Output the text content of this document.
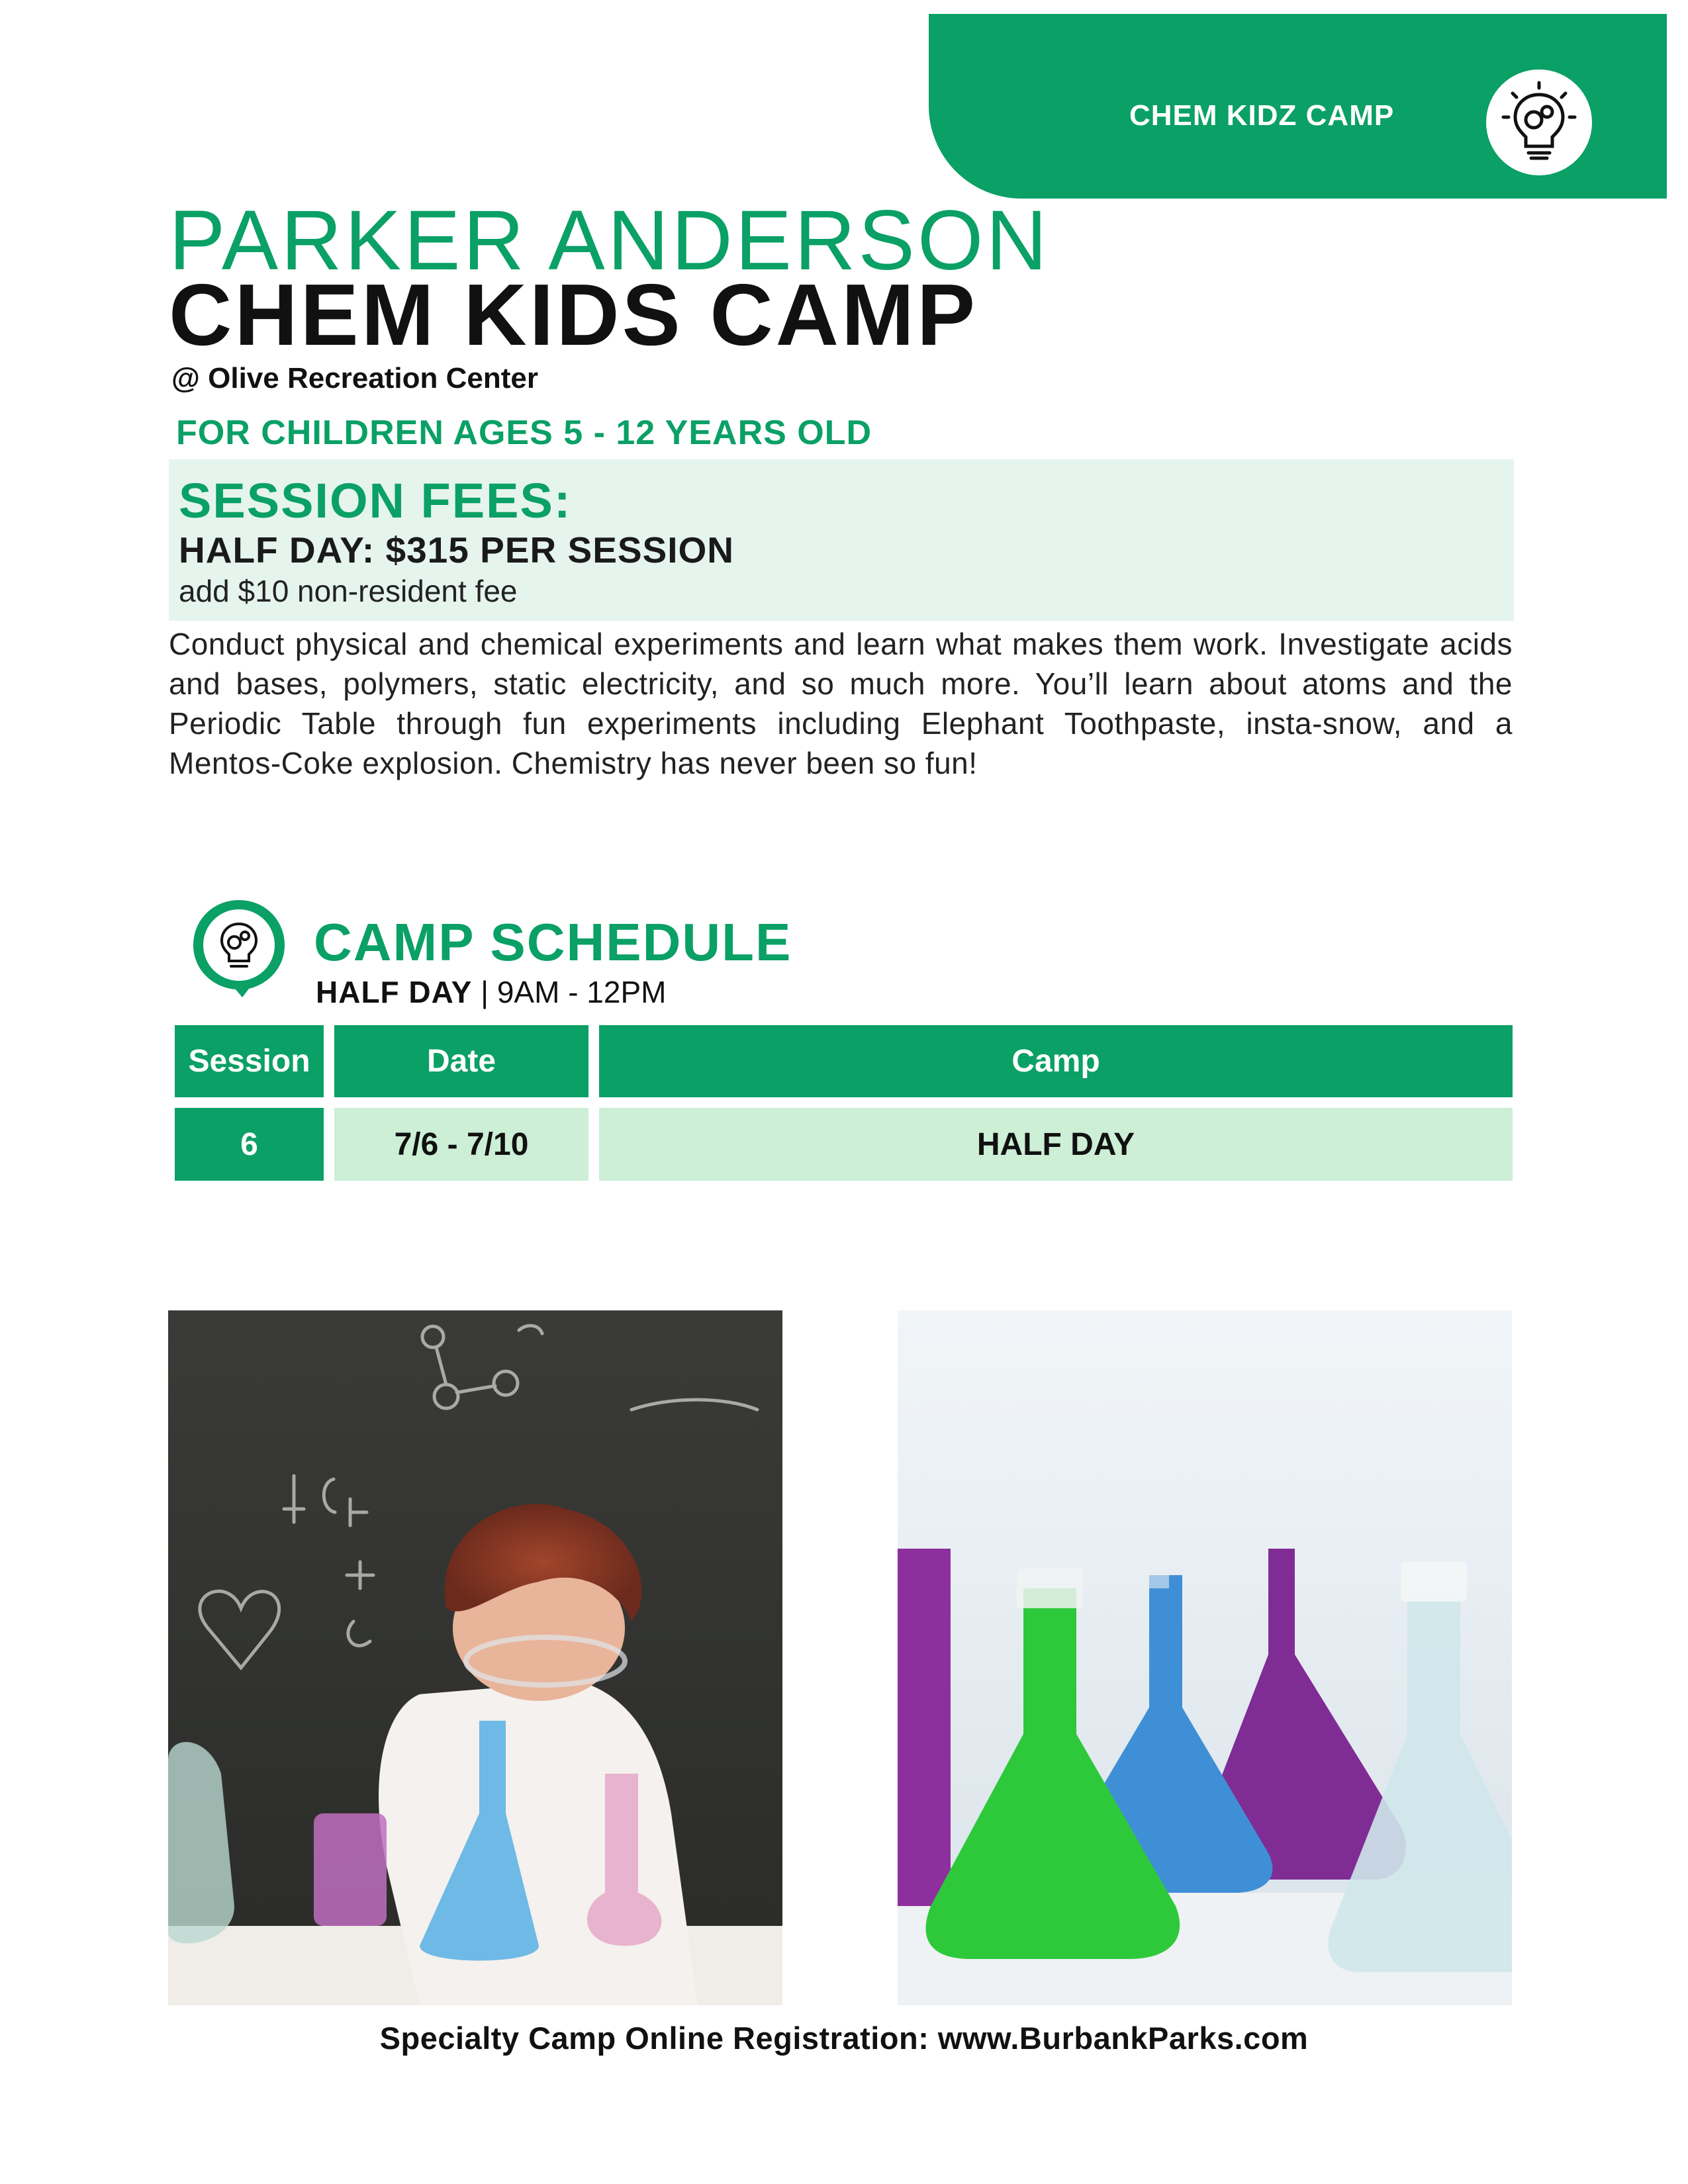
CHEM KIDZ CAMP
PARKER ANDERSON
CHEM KIDS CAMP
@ Olive Recreation Center
FOR CHILDREN AGES 5 - 12 YEARS OLD
SESSION FEES:
HALF DAY: $315 PER SESSION
add $10 non-resident fee
Conduct physical and chemical experiments and learn what makes them work. Investigate acids and bases, polymers, static electricity, and so much more. You’ll learn about atoms and the Periodic Table through fun experiments including Elephant Toothpaste, insta-snow, and a Mentos-Coke explosion. Chemistry has never been so fun!
CAMP SCHEDULE
HALF DAY | 9AM - 12PM
Session	Date	Camp
6	7/6 - 7/10	HALF DAY
Specialty Camp Online Registration: www.BurbankParks.com
